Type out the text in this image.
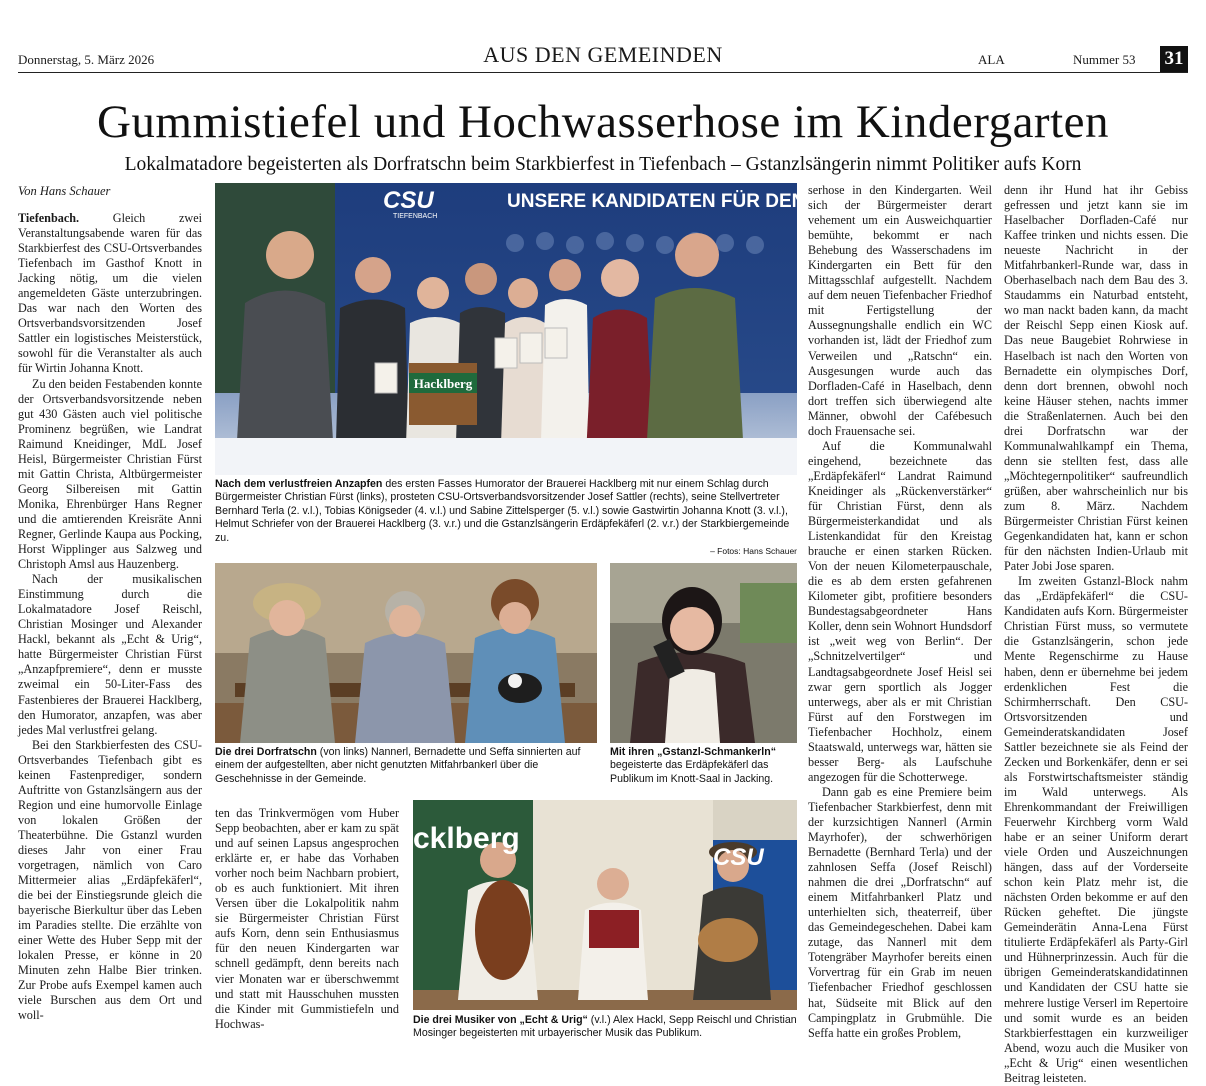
Donnerstag, 5. März 2026	AUS DEN GEMEINDEN	ALA	Nummer 53 31
Gummistiefel und Hochwasserhose im Kindergarten
Lokalmatadore begeisterten als Dorfratschn beim Starkbierfest in Tiefenbach – Gstanzlsängerin nimmt Politiker aufs Korn
Von Hans Schauer

Tiefenbach. Gleich zwei Veranstaltungsabende waren für das Starkbierfest des CSU-Ortsverbandes Tiefenbach im Gasthof Knott in Jacking nötig, um die vielen angemeldeten Gäste unterzubringen. Das war nach den Worten des Ortsverbandsvorsitzenden Josef Sattler ein logistisches Meisterstück, sowohl für die Veranstalter als auch für Wirtin Johanna Knott.

Zu den beiden Festabenden konnte der Ortsverbandsvorsitzende neben gut 430 Gästen auch viel politische Prominenz begrüßen, wie Landrat Raimund Kneidinger, MdL Josef Heisl, Bürgermeister Christian Fürst mit Gattin Christa, Altbürgermeister Georg Silbereisen mit Gattin Monika, Ehrenbürger Hans Regner und die amtierenden Kreisräte Anni Regner, Gerlinde Kaupa aus Pocking, Horst Wipplinger aus Salzweg und Christoph Amsl aus Hauzenberg.

Nach der musikalischen Einstimmung durch die Lokalmatadore Josef Reischl, Christian Mosinger und Alexander Hackl, bekannt als „Echt & Urig“, hatte Bürgermeister Christian Fürst „Anzapfpremiere“, denn er musste zweimal ein 50-Liter-Fass des Fastenbieres der Brauerei Hacklberg, den Humorator, anzapfen, was aber jedes Mal verlustfrei gelang.

Bei den Starkbierfesten des CSU-Ortsverbandes Tiefenbach gibt es keinen Fastenprediger, sondern Auftritte von Gstanzlsängern aus der Region und eine humorvolle Einlage von lokalen Größen der Theaterbühne. Die Gstanzl wurden dieses Jahr von einer Frau vorgetragen, nämlich von Caro Mittermeier alias „Erdäpfekäferl“, die bei der Einstiegsrunde gleich die bayerische Bierkultur über das Leben im Paradies stellte. Die erzählte von einer Wette des Huber Sepp mit der lokalen Presse, er könne in 20 Minuten zehn Halbe Bier trinken. Zur Probe aufs Exempel kamen auch viele Burschen aus dem Ort und woll-

CSU
TIEFENBACH
UNSERE KANDIDATEN FÜR DEN G
Hacklberg
Nach dem verlustfreien Anzapfen des ersten Fasses Humorator der Brauerei Hacklberg mit nur einem Schlag durch Bürgermeister Christian Fürst (links), prosteten CSU-Ortsverbandsvorsitzender Josef Sattler (rechts), seine Stellvertreter Bernhard Terla (2. v.l.), Tobias Königseder (4. v.l.) und Sabine Zittelsperger (5. v.l.) sowie Gastwirtin Johanna Knott (3. v.l.), Helmut Schriefer von der Brauerei Hacklberg (3. v.r.) und die Gstanzlsängerin Erdäpfekäferl (2. v.r.) der Starkbiergemeinde zu.
– Fotos: Hans Schauer
Die drei Dorfratschn (von links) Nannerl, Bernadette und Seffa sinnierten auf einem der aufgestellten, aber nicht genutzten Mitfahrbankerl über die Geschehnisse in der Gemeinde.
Mit ihren „Gstanzl-Schmankerln“ begeisterte das Erdäpfekäferl das Publikum im Knott-Saal in Jacking.

ten das Trinkvermögen vom Huber Sepp beobachten, aber er kam zu spät und auf seinen Lapsus angesprochen erklärte er, er habe das Vorhaben vorher noch beim Nachbarn probiert, ob es auch funktioniert. Mit ihren Versen über die Lokalpolitik nahm sie Bürgermeister Christian Fürst aufs Korn, denn sein Enthusiasmus für den neuen Kindergarten war schnell gedämpft, denn bereits nach vier Monaten war er überschwemmt und statt mit Hausschuhen mussten die Kinder mit Gummistiefeln und Hochwas-

cklberg
CSU
Die drei Musiker von „Echt & Urig“ (v.l.) Alex Hackl, Sepp Reischl und Christian Mosinger begeisterten mit urbayerischer Musik das Publikum.

serhose in den Kindergarten. Weil sich der Bürgermeister derart vehement um ein Ausweichquartier bemühte, bekommt er nach Behebung des Wasserschadens im Kindergarten ein Bett für den Mittagsschlaf aufgestellt. Nachdem auf dem neuen Tiefenbacher Friedhof mit Fertigstellung der Aussegnungshalle endlich ein WC vorhanden ist, lädt der Friedhof zum Verweilen und „Ratschn“ ein. Ausgesungen wurde auch das Dorfladen-Café in Haselbach, denn dort treffen sich überwiegend alte Männer, obwohl der Cafébesuch doch Frauensache sei.

Auf die Kommunalwahl eingehend, bezeichnete das „Erdäpfekäferl“ Landrat Raimund Kneidinger als „Rückenverstärker“ für Christian Fürst, denn als Bürgermeisterkandidat und als Listenkandidat für den Kreistag brauche er einen starken Rücken. Von der neuen Kilometerpauschale, die es ab dem ersten gefahrenen Kilometer gibt, profitiere besonders Bundestagsabgeordneter Hans Koller, denn sein Wohnort Hundsdorf ist „weit weg von Berlin“. Der „Schnitzelvertilger“ und Landtagsabgeordnete Josef Heisl sei zwar gern sportlich als Jogger unterwegs, aber als er mit Christian Fürst auf den Forstwegen im Tiefenbacher Hochholz, einem Staatswald, unterwegs war, hätten sie besser Berg- als Laufschuhe angezogen für die Schotterwege.

Dann gab es eine Premiere beim Tiefenbacher Starkbierfest, denn mit der kurzsichtigen Nannerl (Armin Mayrhofer), der schwerhörigen Bernadette (Bernhard Terla) und der zahnlosen Seffa (Josef Reischl) nahmen die drei „Dorfratschn“ auf einem Mitfahrbankerl Platz und unterhielten sich, theaterreif, über das Gemeindegeschehen. Dabei kam zutage, das Nannerl mit dem Totengräber Mayrhofer bereits einen Vorvertrag für ein Grab im neuen Tiefenbacher Friedhof geschlossen hat, Südseite mit Blick auf den Campingplatz in Grubmühle. Die Seffa hatte ein großes Problem,

denn ihr Hund hat ihr Gebiss gefressen und jetzt kann sie im Haselbacher Dorfladen-Café nur Kaffee trinken und nichts essen. Die neueste Nachricht in der Mitfahrbankerl-Runde war, dass in Oberhaselbach nach dem Bau des 3. Staudamms ein Naturbad entsteht, wo man nackt baden kann, da macht der Reischl Sepp einen Kiosk auf. Das neue Baugebiet Rohrwiese in Haselbach ist nach den Worten von Bernadette ein olympisches Dorf, denn dort brennen, obwohl noch keine Häuser stehen, nachts immer die Straßenlaternen. Auch bei den drei Dorfratschn war der Kommunalwahlkampf ein Thema, denn sie stellten fest, dass alle „Möchtegernpolitiker“ saufreundlich grüßen, aber wahrscheinlich nur bis zum 8. März. Nachdem Bürgermeister Christian Fürst keinen Gegenkandidaten hat, kann er schon für den nächsten Indien-Urlaub mit Pater Jobi Jose sparen.

Im zweiten Gstanzl-Block nahm das „Erdäpfekäferl“ die CSU-Kandidaten aufs Korn. Bürgermeister Christian Fürst muss, so vermutete die Gstanzlsängerin, schon jede Mente Regenschirme zu Hause haben, denn er übernehme bei jedem erdenklichen Fest die Schirmherrschaft. Den CSU-Ortsvorsitzenden und Gemeinderatskandidaten Josef Sattler bezeichnete sie als Feind der Zecken und Borkenkäfer, denn er sei als Forstwirtschaftsmeister ständig im Wald unterwegs. Als Ehrenkommandant der Freiwilligen Feuerwehr Kirchberg vorm Wald habe er an seiner Uniform derart viele Orden und Auszeichnungen hängen, dass auf der Vorderseite schon kein Platz mehr ist, die nächsten Orden bekomme er auf den Rücken geheftet. Die jüngste Gemeinderätin Anna-Lena Fürst titulierte Erdäpfekäferl als Party-Girl und Hühnerprinzessin. Auch für die übrigen Gemeinderatskandidatinnen und Kandidaten der CSU hatte sie mehrere lustige Verserl im Repertoire und somit wurde es an beiden Starkbierfesttagen ein kurzweiliger Abend, wozu auch die Musiker von „Echt & Urig“ einen wesentlichen Beitrag leisteten.
